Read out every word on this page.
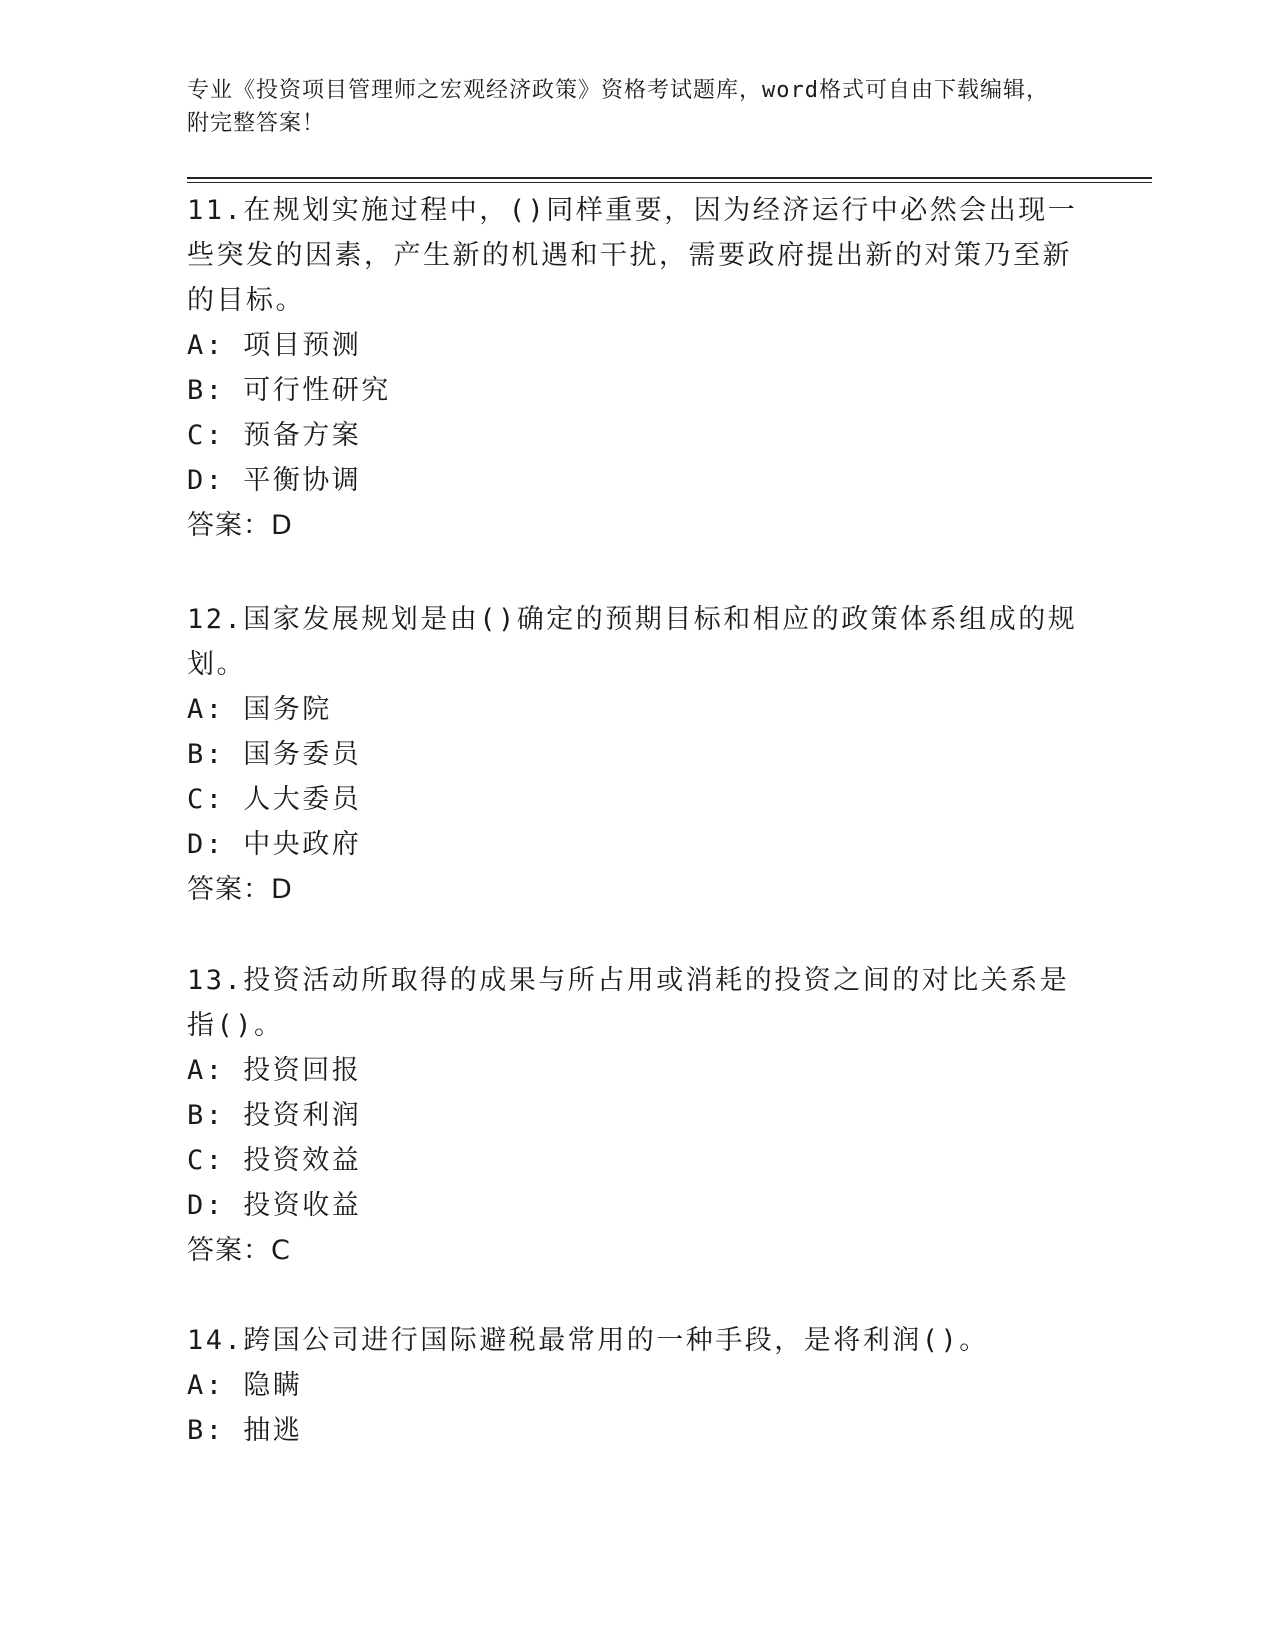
专业《投资项目管理师之宏观经济政策》资格考试题库，word格式可自由下载编辑，附完整答案！

11.在规划实施过程中，()同样重要，因为经济运行中必然会出现一些突发的因素，产生新的机遇和干扰，需要政府提出新的对策乃至新的目标。

A: 项目预测

B: 可行性研究

C: 预备方案

D: 平衡协调

答案：D

12.国家发展规划是由()确定的预期目标和相应的政策体系组成的规划。

A: 国务院

B: 国务委员

C: 人大委员

D: 中央政府

答案：D

13.投资活动所取得的成果与所占用或消耗的投资之间的对比关系是指()。

A: 投资回报

B: 投资利润

C: 投资效益

D: 投资收益

答案：C

14.跨国公司进行国际避税最常用的一种手段，是将利润()。

A: 隐瞒

B: 抽逃
